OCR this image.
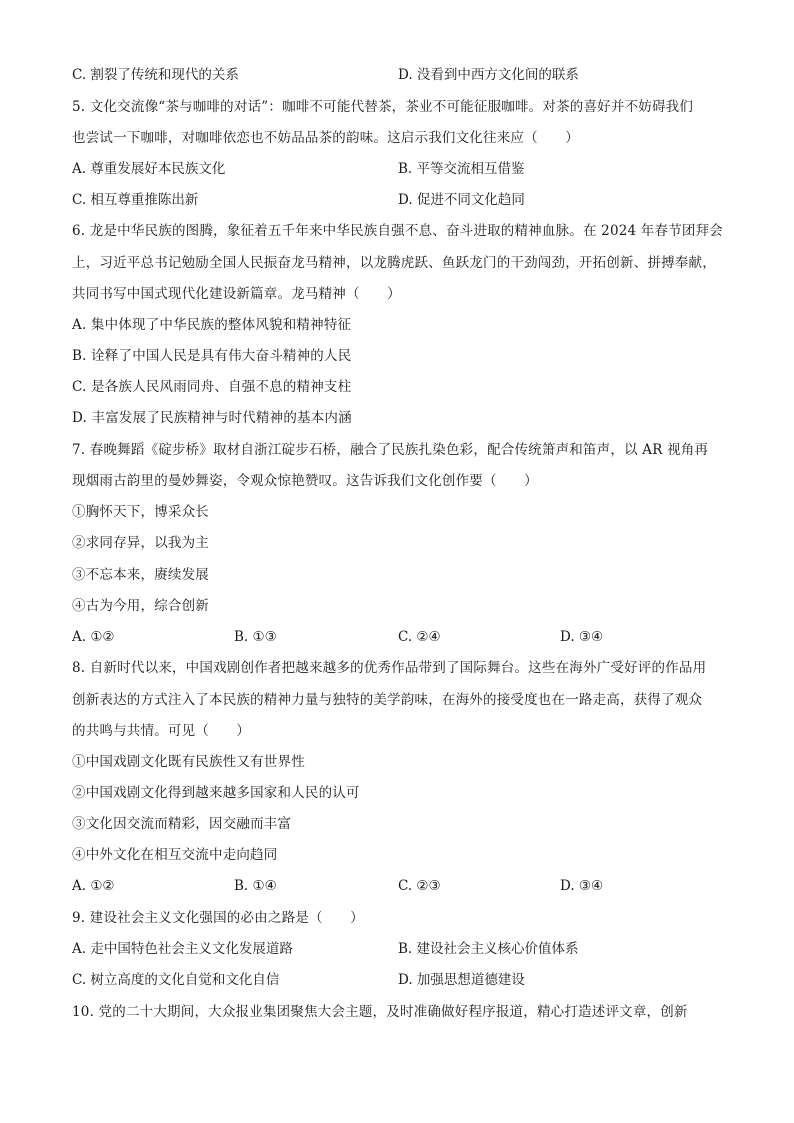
C. 割裂了传统和现代的关系	D. 没看到中西方文化间的联系
5. 文化交流像“茶与咖啡的对话”：咖啡不可能代替茶，茶业不可能征服咖啡。对茶的喜好并不妨碍我们
也尝试一下咖啡，对咖啡依恋也不妨品品茶的韵味。这启示我们文化往来应（　　）
A. 尊重发展好本民族文化	B. 平等交流相互借鉴
C. 相互尊重推陈出新	D. 促进不同文化趋同
6. 龙是中华民族的图腾，象征着五千年来中华民族自强不息、奋斗进取的精神血脉。在 2024 年春节团拜会
上，习近平总书记勉励全国人民振奋龙马精神，以龙腾虎跃、鱼跃龙门的干劲闯劲，开拓创新、拼搏奉献，
共同书写中国式现代化建设新篇章。龙马精神（　　）
A. 集中体现了中华民族的整体风貌和精神特征
B. 诠释了中国人民是具有伟大奋斗精神的人民
C. 是各族人民风雨同舟、自强不息的精神支柱
D. 丰富发展了民族精神与时代精神的基本内涵
7. 春晚舞蹈《碇步桥》取材自浙江碇步石桥，融合了民族扎染色彩，配合传统箫声和笛声，以 AR 视角再
现烟雨古韵里的曼妙舞姿，令观众惊艳赞叹。这告诉我们文化创作要（　　）
①胸怀天下，博采众长
②求同存异，以我为主
③不忘本来，赓续发展
④古为今用，综合创新
A. ①②	B. ①③	C. ②④	D. ③④
8. 自新时代以来，中国戏剧创作者把越来越多的优秀作品带到了国际舞台。这些在海外广受好评的作品用
创新表达的方式注入了本民族的精神力量与独特的美学韵味，在海外的接受度也在一路走高，获得了观众
的共鸣与共情。可见（　　）
①中国戏剧文化既有民族性又有世界性
②中国戏剧文化得到越来越多国家和人民的认可
③文化因交流而精彩，因交融而丰富
④中外文化在相互交流中走向趋同
A. ①②	B. ①④	C. ②③	D. ③④
9. 建设社会主义文化强国的必由之路是（　　）
A. 走中国特色社会主义文化发展道路	B. 建设社会主义核心价值体系
C. 树立高度的文化自觉和文化自信	D. 加强思想道德建设
10. 党的二十大期间，大众报业集团聚焦大会主题，及时准确做好程序报道，精心打造述评文章，创新
